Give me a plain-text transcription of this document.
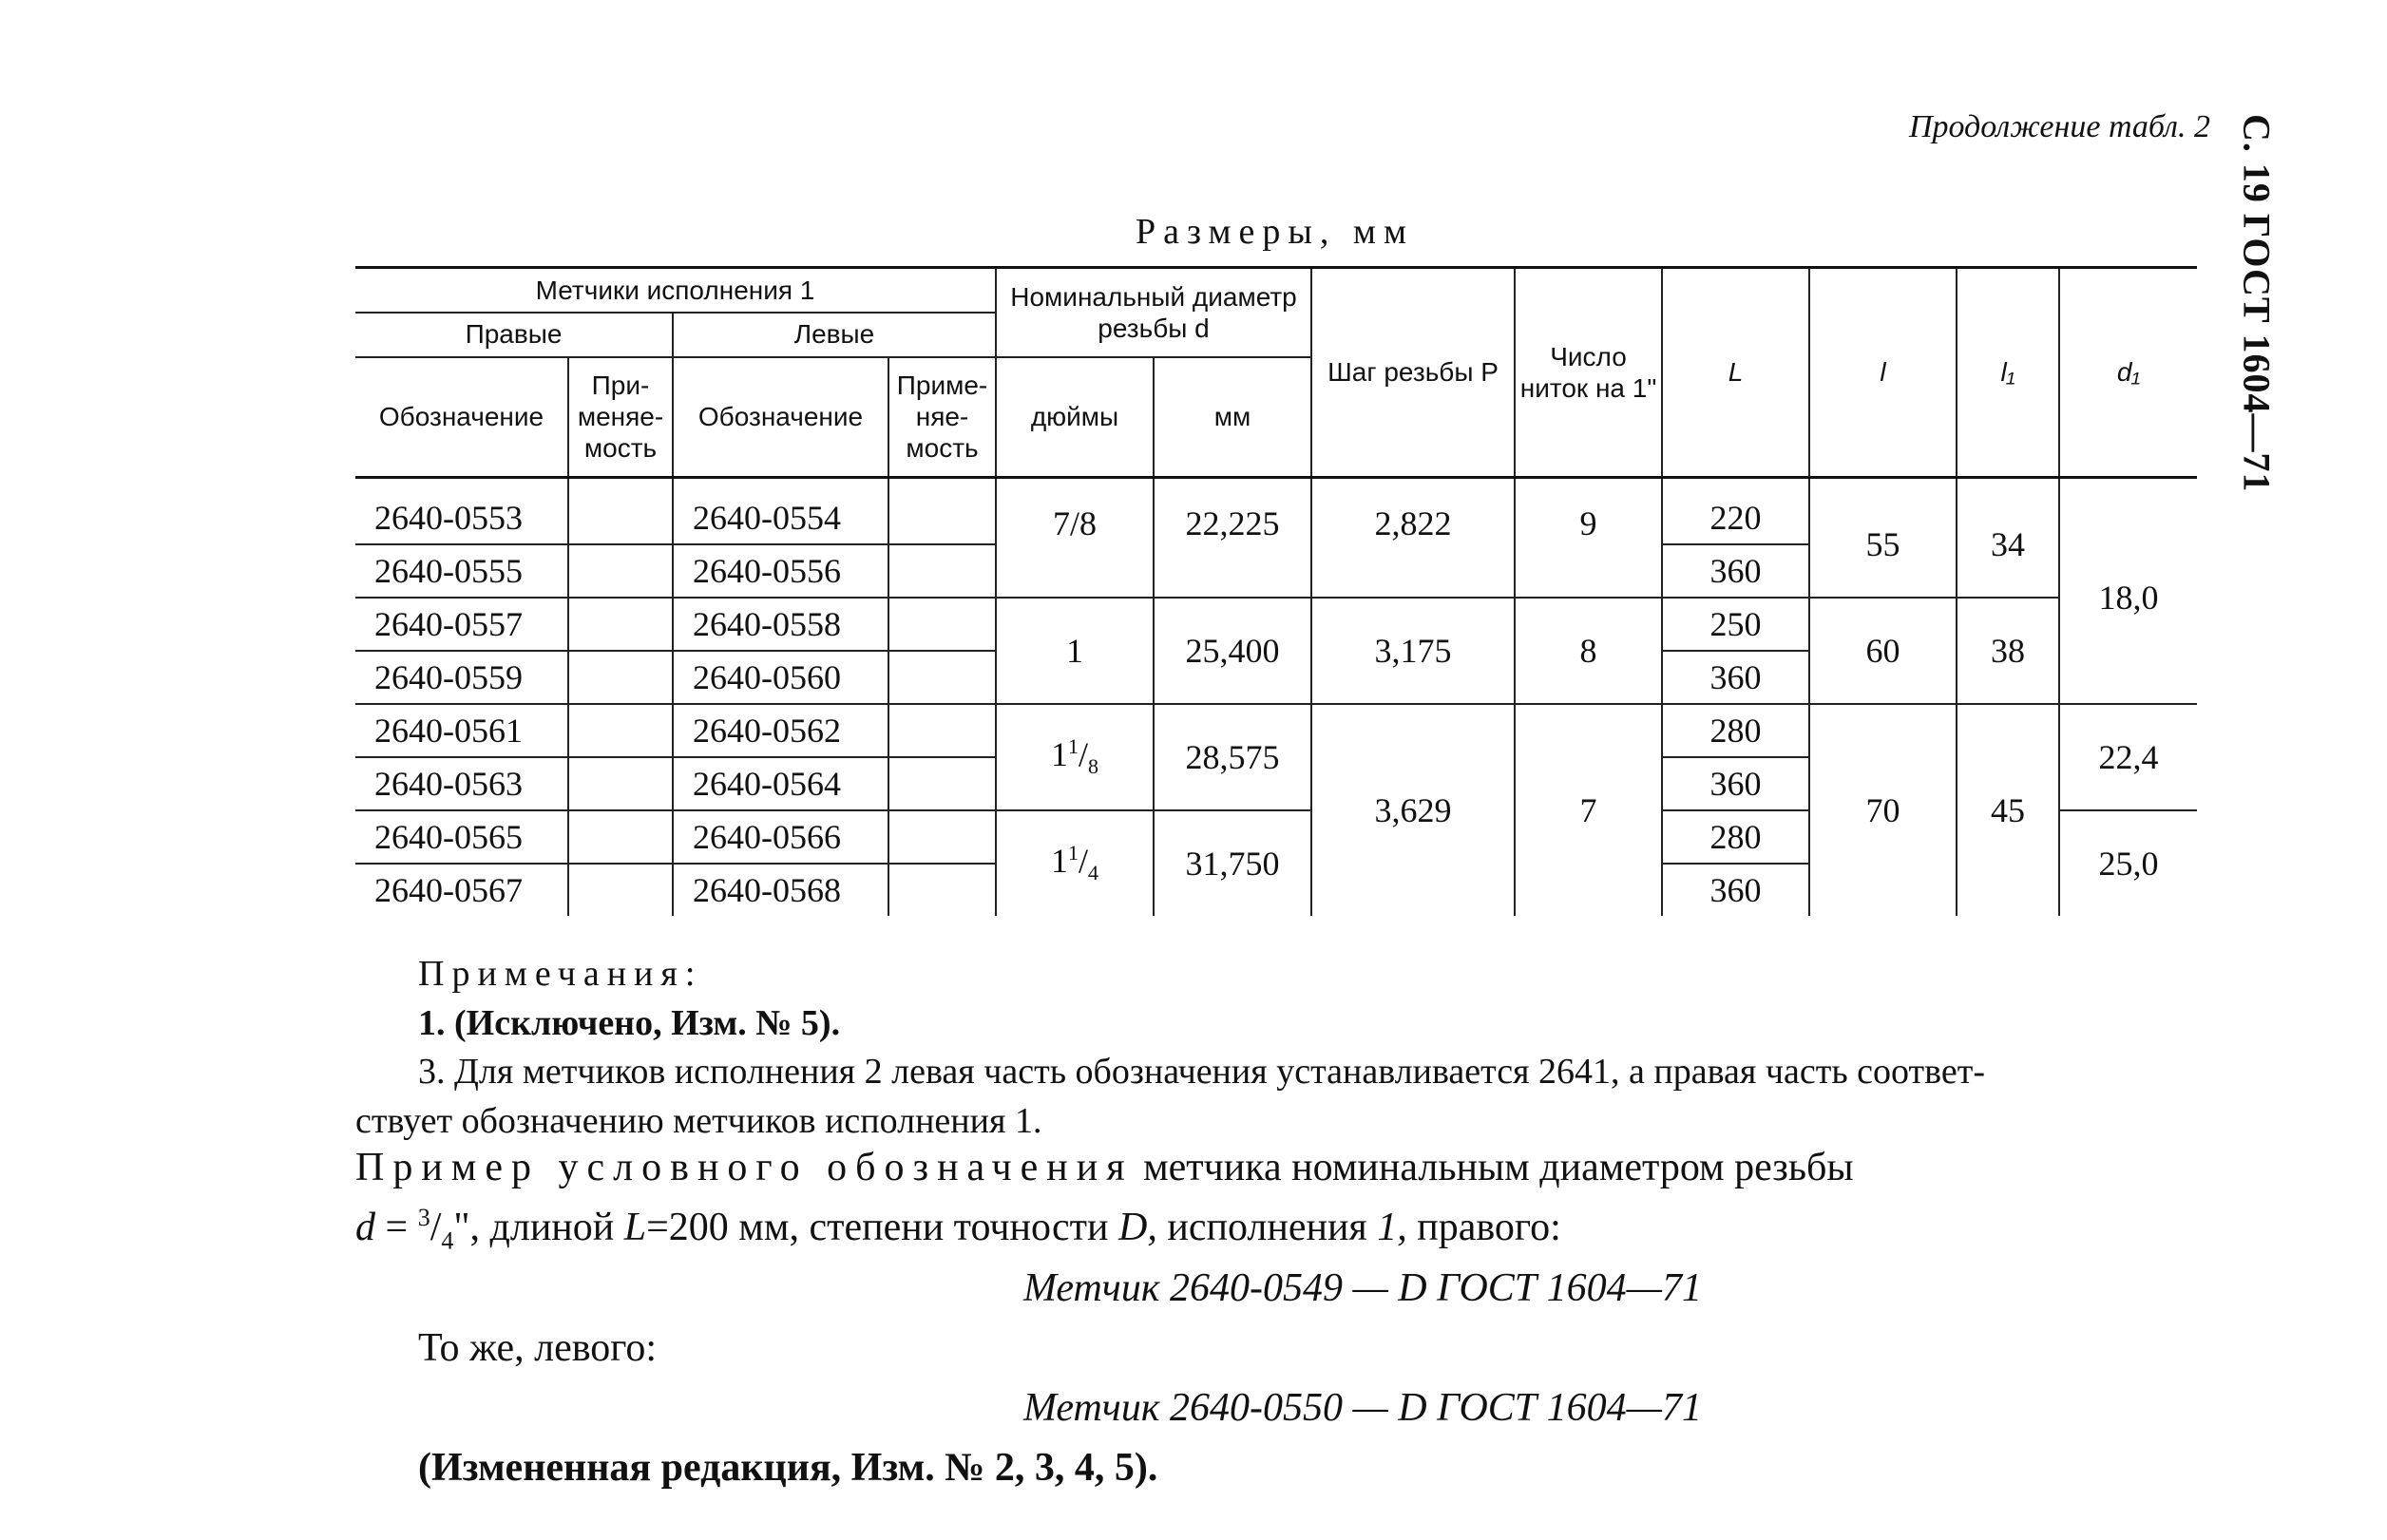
С. 19 ГОСТ 1604—71
Продолжение табл. 2
Размеры, мм
Метчики исполнения 1				Номинальный диаметр резьбы d		Шаг резьбы P	Число ниток на 1"	L	l	l₁	d₁
Правые		Левые									
Обозначение	При- меняе- мость	Обозначение	Приме- няе- мость	дюймы	мм						
2640-0553		2640-0554		7/8	22,225	2,822	9	220	55	34	18,0
2640-0555		2640-0556						360			
2640-0557		2640-0558		1	25,400	3,175	8	250	60	38	
2640-0559		2640-0560						360			
2640-0561		2640-0562		$1^1/_8$	28,575	3,629	7	280	70	45	22,4
2640-0563		2640-0564						360			
2640-0565		2640-0566		$1^1/_4$	31,750			280			25,0
2640-0567		2640-0568						360			

Примечания:

1. (Исключено, Изм. № 5).

3. Для метчиков исполнения 2 левая часть обозначения устанавливается 2641, а правая часть соответ-

ствует обозначению метчиков исполнения 1.

Пример условного обозначения метчика номинальным диаметром резьбы

$d = ^3/_4$", длиной L=200 мм, степени точности D, исполнения 1, правого:

Метчик 2640-0549 — D ГОСТ 1604—71

То же, левого:

Метчик 2640-0550 — D ГОСТ 1604—71

(Измененная редакция, Изм. № 2, 3, 4, 5).
